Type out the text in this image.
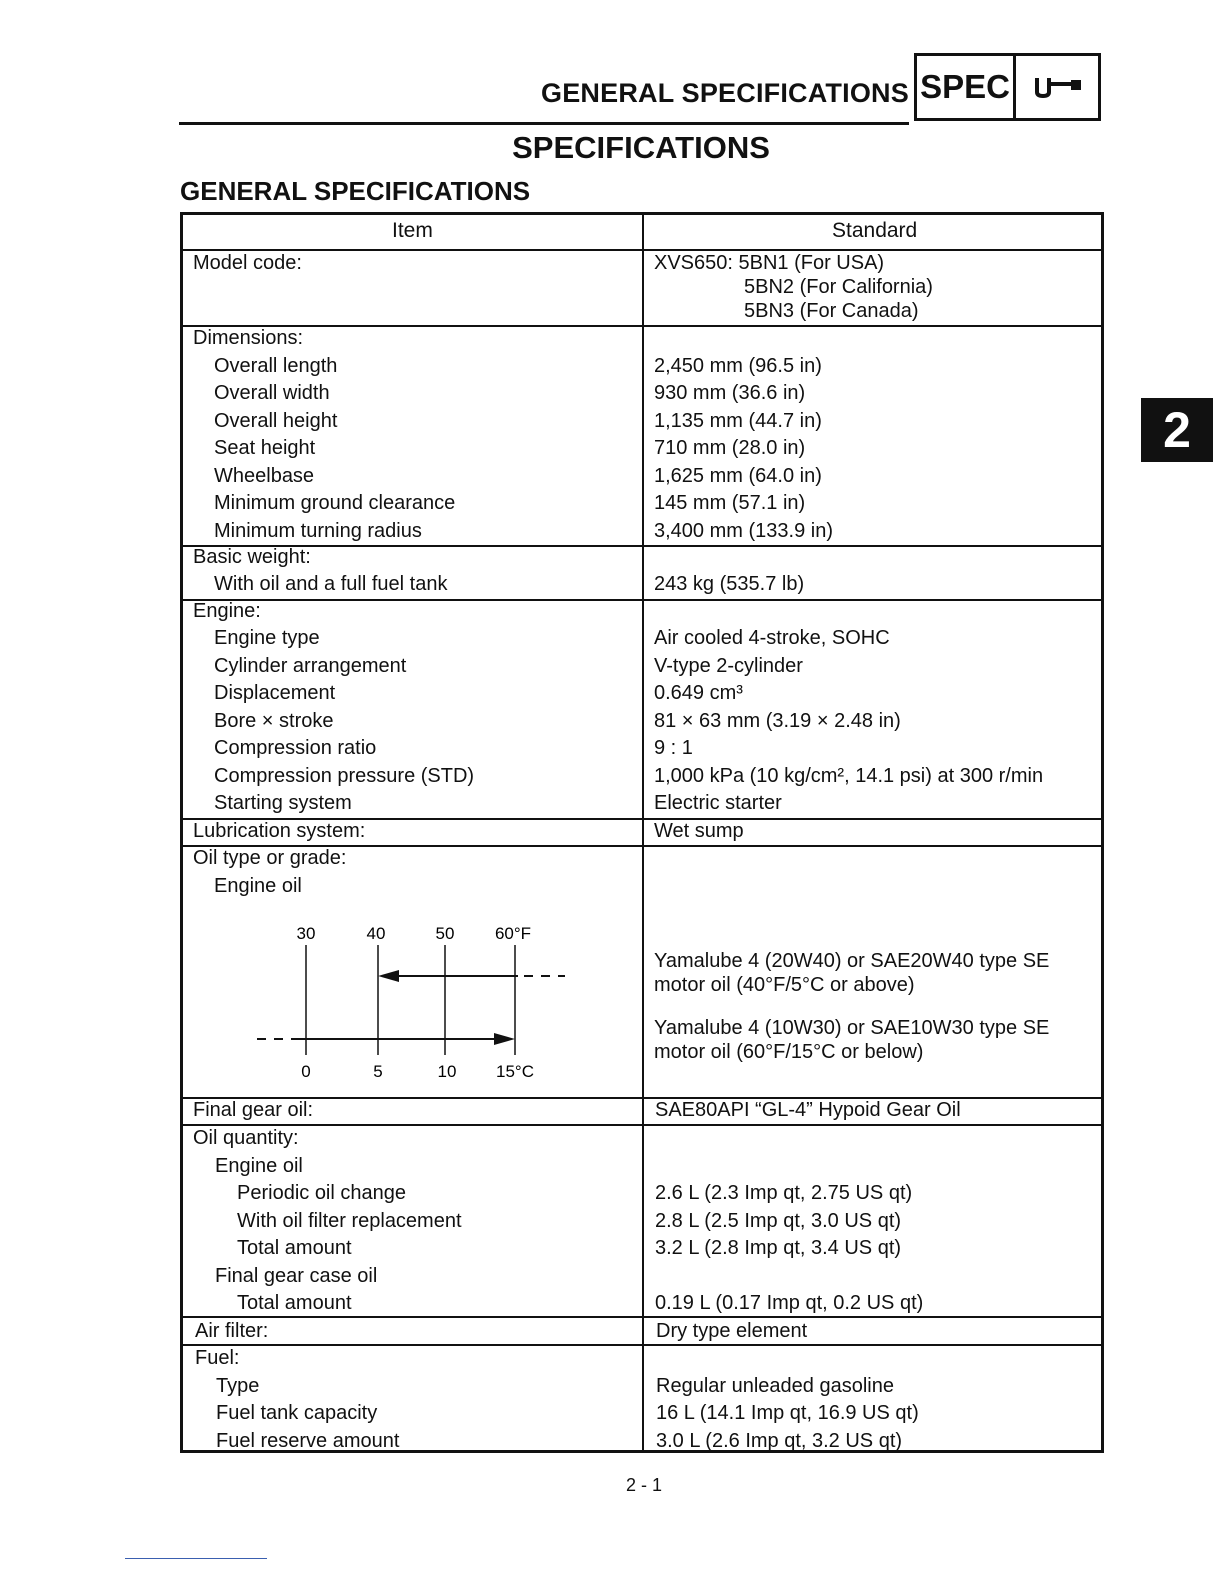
GENERAL SPECIFICATIONS SPEC
SPECIFICATIONS
GENERAL SPECIFICATIONS
2
Item	Standard
Model code:	XVS650: 5BN1 (For USA)
5BN2 (For California)
5BN3 (For Canada)
Dimensions:
Overall length	2,450 mm (96.5 in)
Overall width	930 mm (36.6 in)
Overall height	1,135 mm (44.7 in)
Seat height	710 mm (28.0 in)
Wheelbase	1,625 mm (64.0 in)
Minimum ground clearance	145 mm (57.1 in)
Minimum turning radius	3,400 mm (133.9 in)
Basic weight:
With oil and a full fuel tank	243 kg (535.7 lb)
Engine:
Engine type	Air cooled 4-stroke, SOHC
Cylinder arrangement	V-type 2-cylinder
Displacement	0.649 cm³
Bore × stroke	81 × 63 mm (3.19 × 2.48 in)
Compression ratio	9 : 1
Compression pressure (STD)	1,000 kPa (10 kg/cm², 14.1 psi) at 300 r/min
Starting system	Electric starter
Lubrication system:	Wet sump
Oil type or grade:
Engine oil
Yamalube 4 (20W40) or SAE20W40 type SE
motor oil (40°F/5°C or above)
Yamalube 4 (10W30) or SAE10W30 type SE
motor oil (60°F/15°C or below)
30	40	50 60°F
0	5	10 15°C
Final gear oil:	SAE80API “GL-4” Hypoid Gear Oil
Oil quantity:
Engine oil
Periodic oil change	2.6 L (2.3 Imp qt, 2.75 US qt)
With oil filter replacement	2.8 L (2.5 Imp qt, 3.0 US qt)
Total amount	3.2 L (2.8 Imp qt, 3.4 US qt)
Final gear case oil
Total amount	0.19 L (0.17 Imp qt, 0.2 US qt)
Air filter:	Dry type element
Fuel:
Type	Regular unleaded gasoline
Fuel tank capacity	16 L (14.1 Imp qt, 16.9 US qt)
Fuel reserve amount	3.0 L (2.6 Imp qt, 3.2 US qt)
2 - 1
